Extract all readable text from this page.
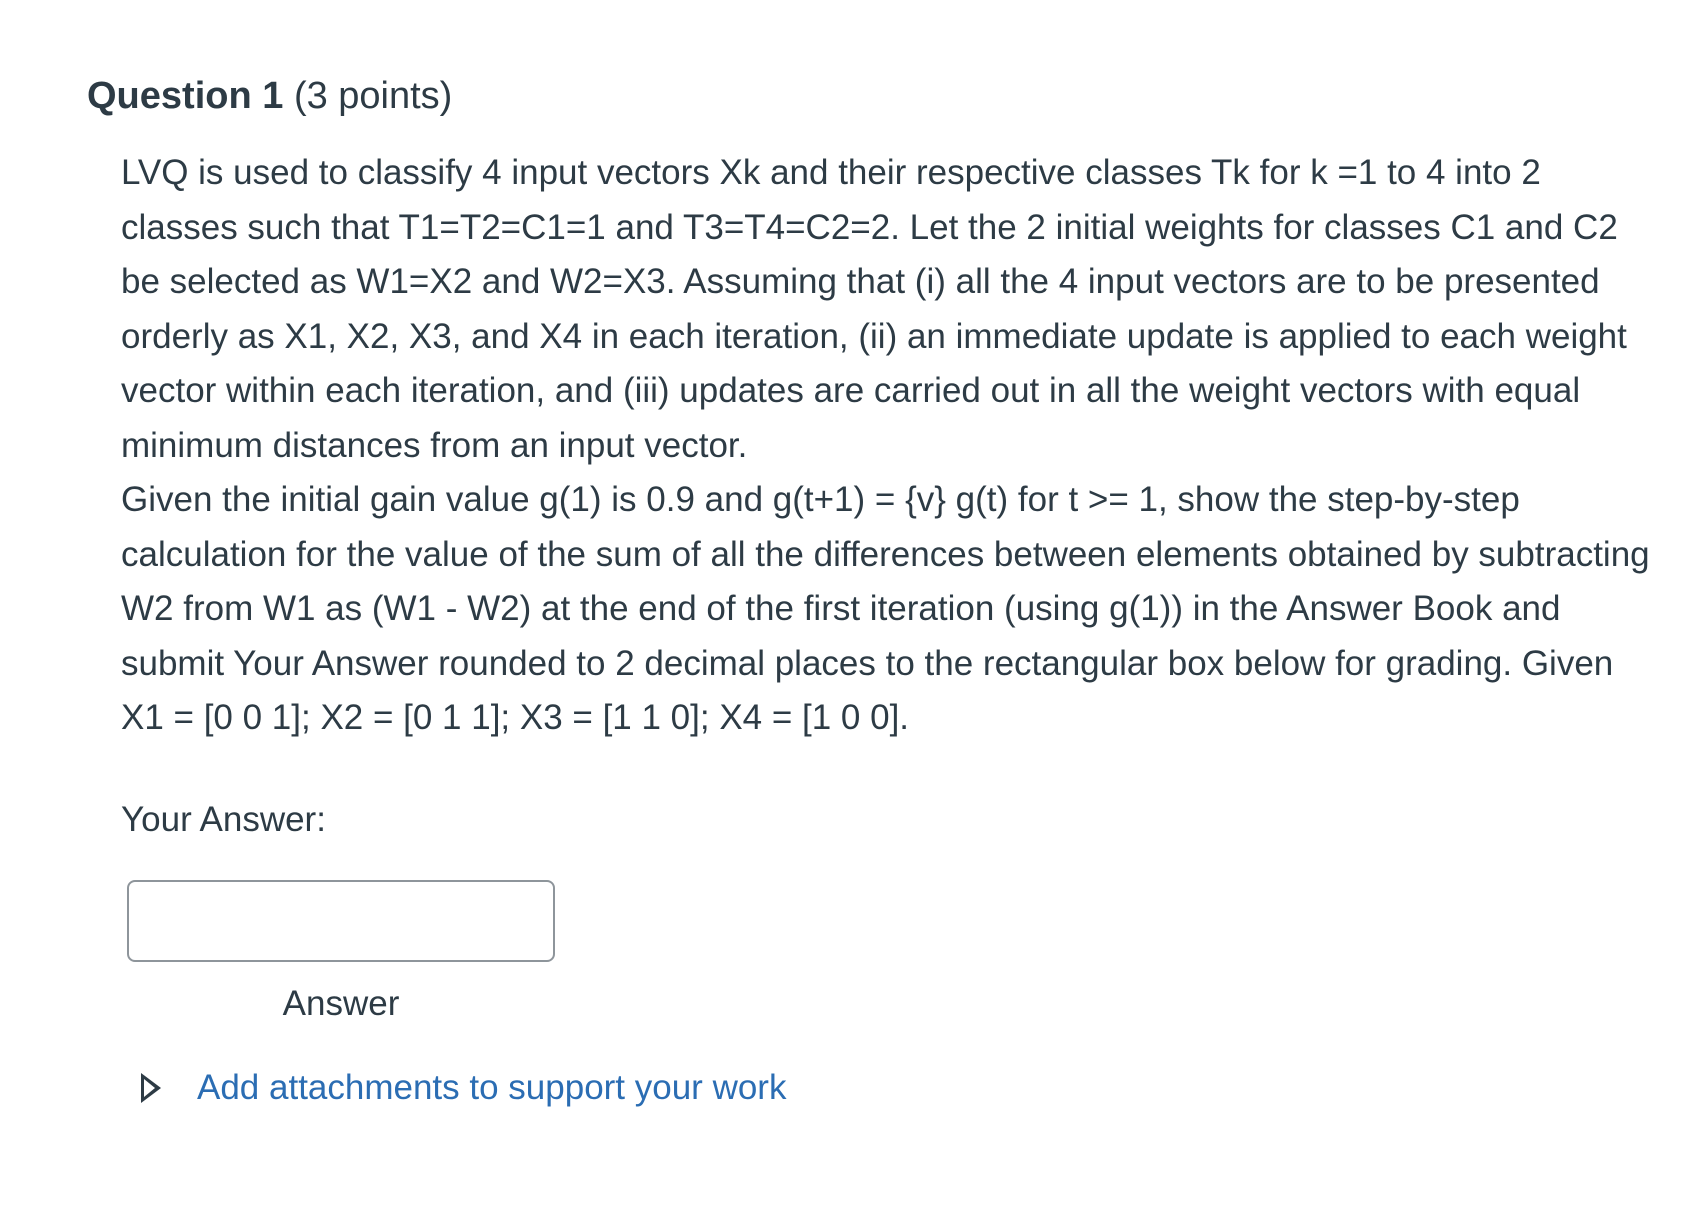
Question 1 (3 points)

LVQ is used to classify 4 input vectors Xk and their respective classes Tk for k =1 to 4 into 2 classes such that T1=T2=C1=1 and T3=T4=C2=2. Let the 2 initial weights for classes C1 and C2 be selected as W1=X2 and W2=X3. Assuming that (i) all the 4 input vectors are to be presented orderly as X1, X2, X3, and X4 in each iteration, (ii) an immediate update is applied to each weight vector within each iteration, and (iii) updates are carried out in all the weight vectors with equal minimum distances from an input vector.

Given the initial gain value g(1) is 0.9 and g(t+1) = {v} g(t) for t >= 1, show the step-by-step calculation for the value of the sum of all the differences between elements obtained by subtracting W2 from W1 as (W1 - W2) at the end of the first iteration (using g(1)) in the Answer Book and submit Your Answer rounded to 2 decimal places to the rectangular box below for grading. Given X1 = [0 0 1]; X2 = [0 1 1]; X3 = [1 1 0]; X4 = [1 0 0].

Your Answer:
Answer
Add attachments to support your work
